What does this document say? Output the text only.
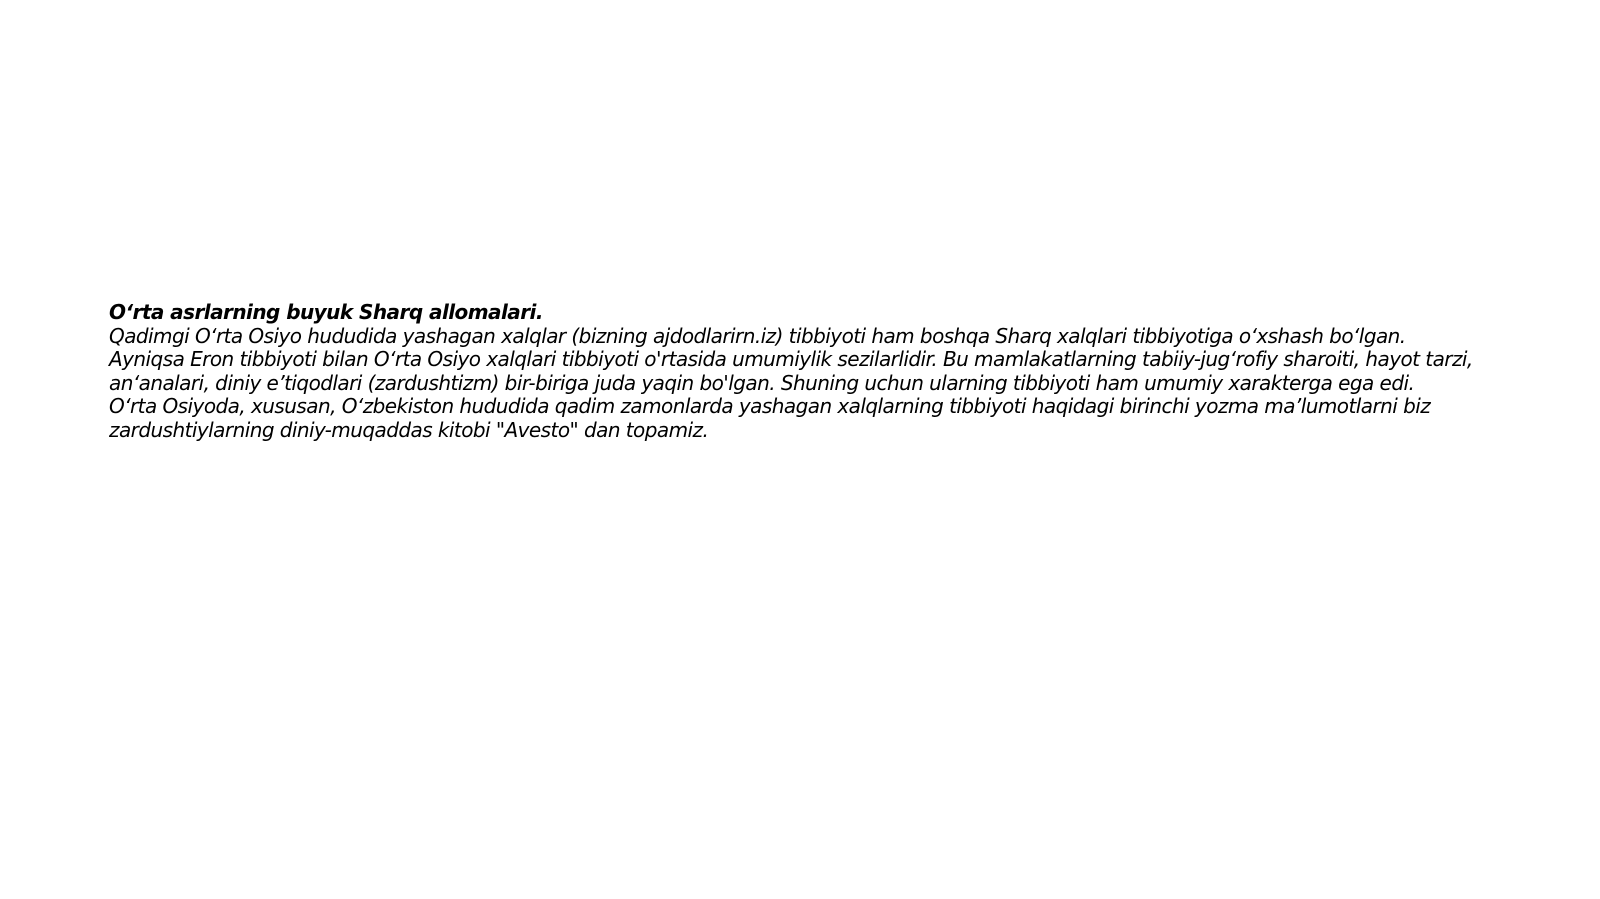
O‘rta asrlarning buyuk Sharq allomalari.

Qadimgi O‘rta Osiyo hududida yashagan xalqlar (bizning ajdodlarirn.iz) tibbiyoti ham boshqa Sharq xalqlari tibbiyotiga o‘xshash bo‘lgan.

Ayniqsa Eron tibbiyoti bilan O‘rta Osiyo xalqlari tibbiyoti o'rtasida umumiylik sezilarlidir. Bu mamlakatlarning tabiiy-jug‘rofiy sharoiti, hayot tarzi, an‘analari, diniy e’tiqodlari (zardushtizm) bir-biriga juda yaqin bo'lgan. Shuning uchun ularning tibbiyoti ham umumiy xarakterga ega edi.

O‘rta Osiyoda, xususan, O‘zbekiston hududida qadim zamonlarda yashagan xalqlarning tibbiyoti haqidagi birinchi yozma ma’lumotlarni biz zardushtiylarning diniy-muqaddas kitobi "Avesto" dan topamiz.
